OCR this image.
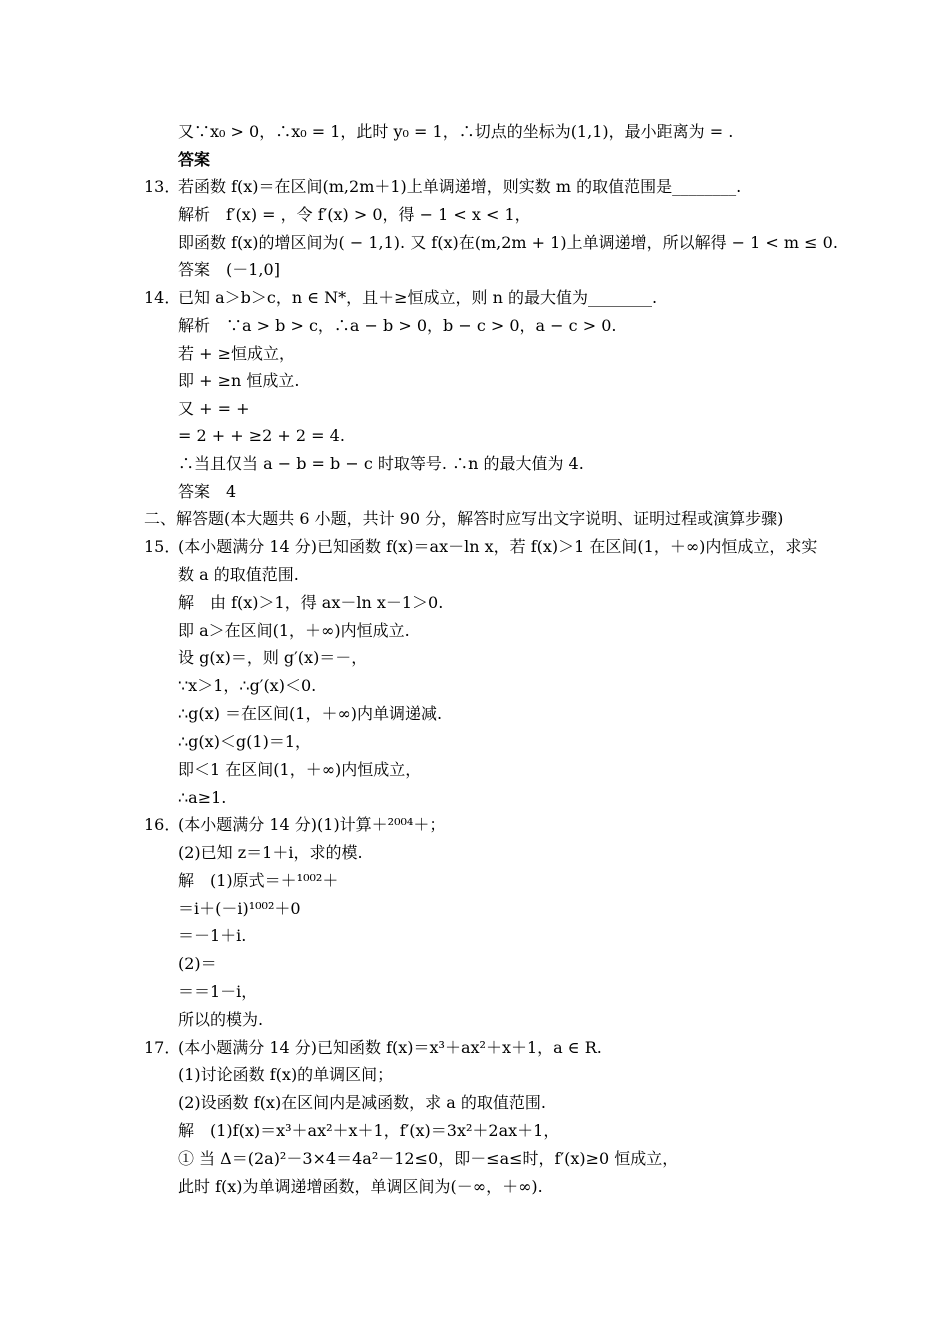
又∵x₀ > 0，∴x₀ = 1，此时 y₀ = 1，∴切点的坐标为(1,1)，最小距离为 = .
答案
13．
若函数 f(x)＝在区间(m,2m＋1)上单调递增，则实数 m 的取值范围是________.
解析　f′(x) = ，令 f′(x) > 0，得 − 1 < x < 1，
即函数 f(x)的增区间为( − 1,1). 又 f(x)在(m,2m + 1)上单调递增，所以解得 − 1 < m ≤ 0.
答案　(－1,0]
14．
已知 a＞b＞c，n ∈ N*，且＋≥恒成立，则 n 的最大值为________.
解析　∵a > b > c，∴a − b > 0，b − c > 0，a − c > 0.
若 + ≥恒成立，
即 + ≥n 恒成立.
又 + = +
= 2 + + ≥2 + 2 = 4.
∴当且仅当 a − b = b − c 时取等号. ∴n 的最大值为 4.
答案　4
二、解答题(本大题共 6 小题，共计 90 分，解答时应写出文字说明、证明过程或演算步骤)
15．
(本小题满分 14 分)已知函数 f(x)＝ax－ln x，若 f(x)＞1 在区间(1，＋∞)内恒成立，求实
数 a 的取值范围.
解　由 f(x)＞1，得 ax－ln x－1＞0.
即 a＞在区间(1，＋∞)内恒成立.
设 g(x)＝，则 g′(x)＝－，
∵x＞1，∴g′(x)＜0.
∴g(x) ＝在区间(1，＋∞)内单调递减.
∴g(x)＜g(1)＝1，
即＜1 在区间(1，＋∞)内恒成立，
∴a≥1.
16．
(本小题满分 14 分)(1)计算＋²⁰⁰⁴＋；
(2)已知 z＝1＋i，求的模.
解　(1)原式＝＋¹⁰⁰²＋
＝i＋(－i)¹⁰⁰²＋0
＝－1＋i.
(2)＝
＝＝1－i，
所以的模为.
17．
(本小题满分 14 分)已知函数 f(x)＝x³＋ax²＋x＋1，a ∈ R.
(1)讨论函数 f(x)的单调区间；
(2)设函数 f(x)在区间内是减函数，求 a 的取值范围.
解　(1)f(x)＝x³＋ax²＋x＋1，f′(x)＝3x²＋2ax＋1，
① 当 Δ＝(2a)²－3×4＝4a²－12≤0，即－≤a≤时，f′(x)≥0 恒成立，
此时 f(x)为单调递增函数，单调区间为(－∞，＋∞).
